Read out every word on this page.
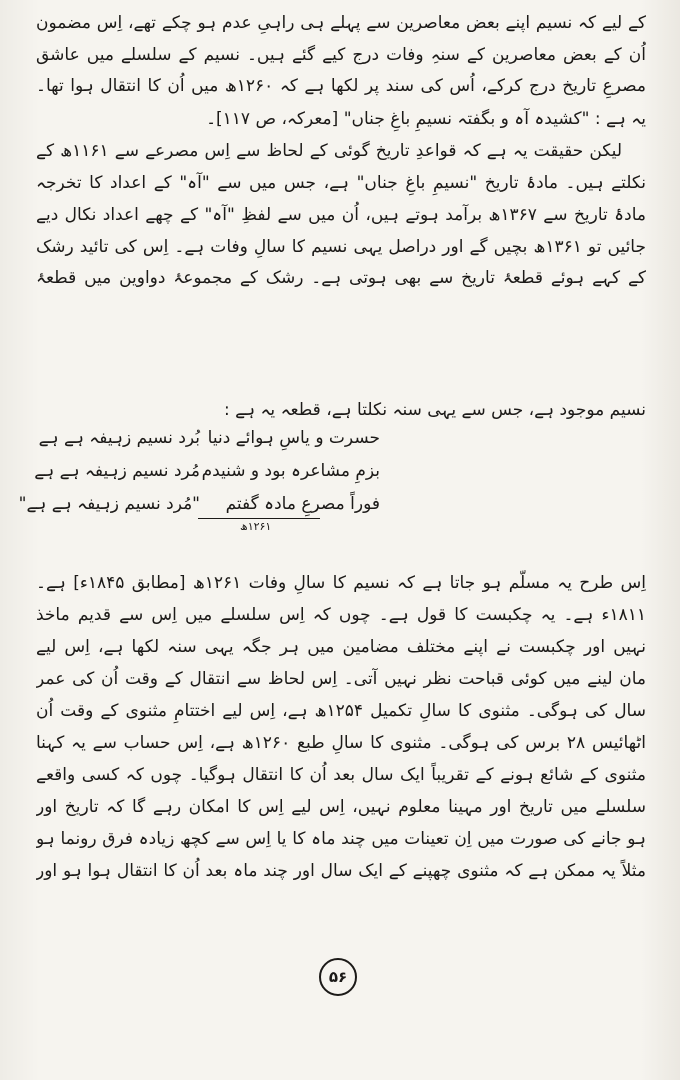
کے لیے کہ نسیم اپنے بعض معاصرین سے پہلے ہی راہیِ عدم ہو چکے تھے، اِس مضمون
اُن کے بعض معاصرین کے سنہِ وفات درج کیے گئے ہیں۔ نسیم کے سلسلے میں عاشق
مصرعِ تاریخ درج کرکے، اُس کی سند پر لکھا ہے کہ ۱۲۶۰ھ میں اُن کا انتقال ہوا تھا۔
یہ ہے : "کشیدہ آہ و بگفتہ نسیمِ باغِ جناں" [معرکہ، ص ۱۱۷]۔
لیکن حقیقت یہ ہے کہ قواعدِ تاریخ گوئی کے لحاظ سے اِس مصرعے سے ۱۱۶۱ھ کے
نکلتے ہیں۔ مادۂ تاریخ "نسیمِ باغِ جناں" ہے، جس میں سے "آہ" کے اعداد کا تخرجہ
مادۂ تاریخ سے ۱۳۶۷ھ برآمد ہوتے ہیں، اُن میں سے لفظِ "آہ" کے چھے اعداد نکال دیے
جائیں تو ۱۳۶۱ھ بچیں گے اور دراصل یہی نسیم کا سالِ وفات ہے۔ اِس کی تائید رشک
کے کہے ہوئے قطعۂ تاریخ سے بھی ہوتی ہے۔ رشک کے مجموعۂ دواوین میں قطعۂ
نسیم موجود ہے، جس سے یہی سنہ نکلتا ہے، قطعہ یہ ہے :
حسرت و یاسِ ہوائے دنیا
بُرد نسیم زہیفہ ہے ہے
بزمِ مشاعرہ بود و شنیدم
مُرد نسیم زہیفہ ہے ہے
فوراً مصرعِ مادہ گفتم
"مُرد نسیم زہیفہ ہے ہے"
۱۲۶۱ھ
اِس طرح یہ مسلّم ہو جاتا ہے کہ نسیم کا سالِ وفات ۱۲۶۱ھ [مطابق ۱۸۴۵ء] ہے۔
۱۸۱۱ء ہے۔ یہ چکبست کا قول ہے۔ چوں کہ اِس سلسلے میں اِس سے قدیم ماخذ
نہیں اور چکبست نے اپنے مختلف مضامین میں ہر جگہ یہی سنہ لکھا ہے، اِس لیے
مان لینے میں کوئی قباحت نظر نہیں آتی۔ اِس لحاظ سے انتقال کے وقت اُن کی عمر
سال کی ہوگی۔ مثنوی کا سالِ تکمیل ۱۲۵۴ھ ہے، اِس لیے اختتامِ مثنوی کے وقت اُن
اٹھائیس ۲۸ برس کی ہوگی۔ مثنوی کا سالِ طبع ۱۲۶۰ھ ہے، اِس حساب سے یہ کہنا
مثنوی کے شائع ہونے کے تقریباً ایک سال بعد اُن کا انتقال ہوگیا۔ چوں کہ کسی واقعے
سلسلے میں تاریخ اور مہینا معلوم نہیں، اِس لیے اِس کا امکان رہے گا کہ تاریخ اور
ہو جانے کی صورت میں اِن تعینات میں چند ماہ کا یا اِس سے کچھ زیادہ فرق رونما ہو
مثلاً یہ ممکن ہے کہ مثنوی چھپنے کے ایک سال اور چند ماہ بعد اُن کا انتقال ہوا ہو اور
۵۶
